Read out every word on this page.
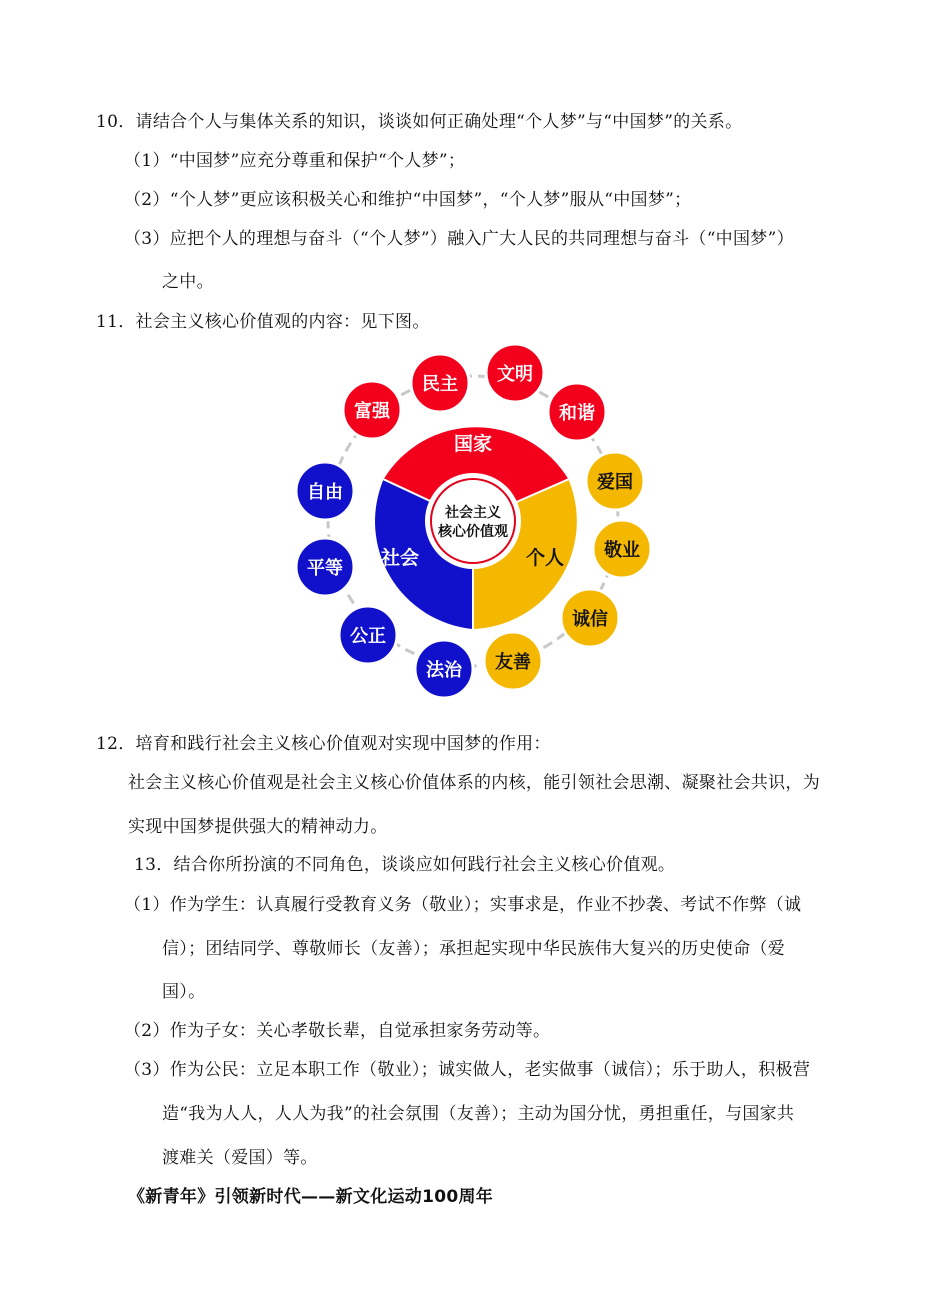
10．请结合个人与集体关系的知识，谈谈如何正确处理“个人梦”与“中国梦”的关系。
（1）“中国梦”应充分尊重和保护“个人梦”；
（2）“个人梦”更应该积极关心和维护“中国梦”，“个人梦”服从“中国梦”；
（3）应把个人的理想与奋斗（“个人梦”）融入广大人民的共同理想与奋斗（“中国梦”）
之中。
11．社会主义核心价值观的内容：见下图。
社会主义
核心价值观
国家
社会	个人
富强
民主 文明
和谐
爱国
敬业
诚信
友善
法治
公正
平等
自由
12．培育和践行社会主义核心价值观对实现中国梦的作用：
社会主义核心价值观是社会主义核心价值体系的内核，能引领社会思潮、凝聚社会共识，为
实现中国梦提供强大的精神动力。
13．结合你所扮演的不同角色，谈谈应如何践行社会主义核心价值观。
（1）作为学生：认真履行受教育义务（敬业）；实事求是，作业不抄袭、考试不作弊（诚
信）；团结同学、尊敬师长（友善）；承担起实现中华民族伟大复兴的历史使命（爱
国）。
（2）作为子女：关心孝敬长辈，自觉承担家务劳动等。
（3）作为公民：立足本职工作（敬业）；诚实做人，老实做事（诚信）；乐于助人，积极营
造“我为人人，人人为我”的社会氛围（友善）；主动为国分忧，勇担重任，与国家共
渡难关（爱国）等。
《新青年》引领新时代——新文化运动100周年
